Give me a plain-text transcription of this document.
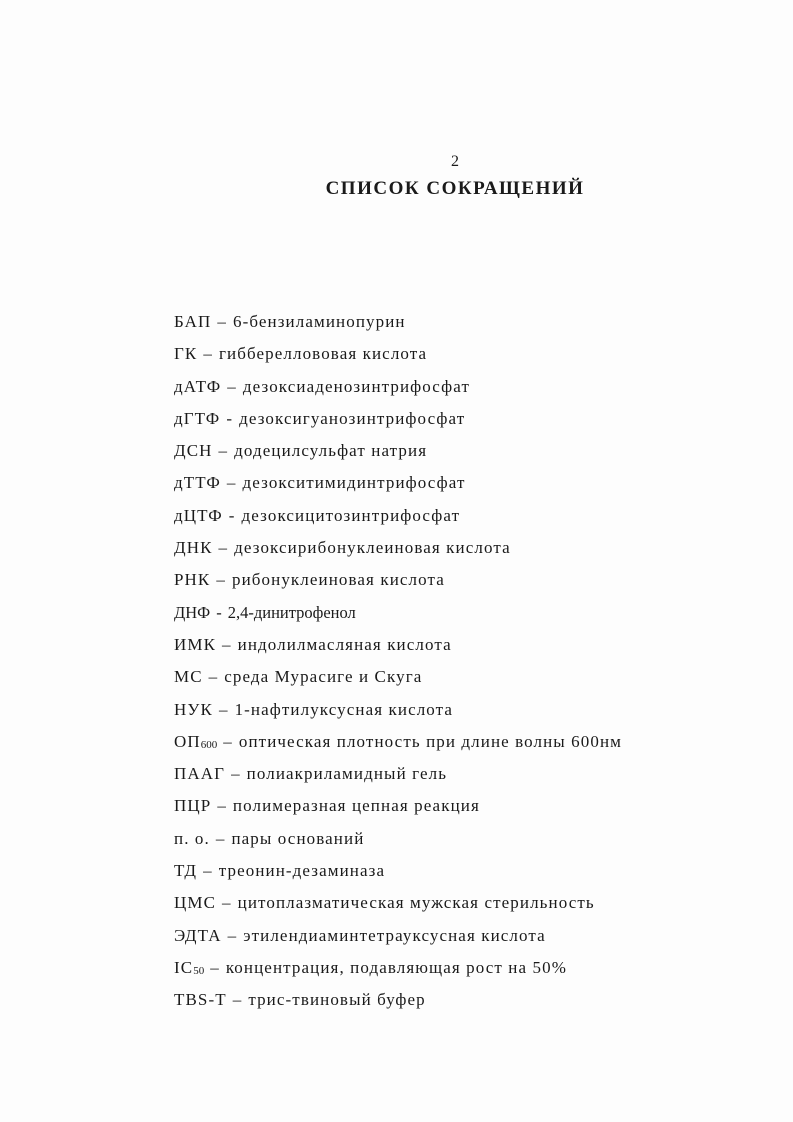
2

СПИСОК СОКРАЩЕНИЙ
БАП – 6-бензиламинопурин
ГК – гиббереллововая кислота
дАТФ – дезоксиаденозинтрифосфат
дГТФ - дезоксигуанозинтрифосфат
ДСН – додецилсульфат натрия
дТТФ – дезокситимидинтрифосфат
дЦТФ - дезоксицитозинтрифосфат
ДНК – дезоксирибонуклеиновая кислота
РНК – рибонуклеиновая кислота
ДНФ - 2,4-динитрофенол
ИМК – индолилмасляная кислота
МС – среда Мурасиге и Скуга
НУК – 1-нафтилуксусная кислота
$ОП_{600}$ – оптическая плотность при длине волны 600нм
ПААГ – полиакриламидный гель
ПЦР – полимеразная цепная реакция
п. о. – пары оснований
ТД – треонин-дезаминаза
ЦМС – цитоплазматическая мужская стерильность
ЭДТА – этилендиаминтетрауксусная кислота
$IC_{50}$ – концентрация, подавляющая рост на 50%
TBS-T – трис-твиновый буфер
